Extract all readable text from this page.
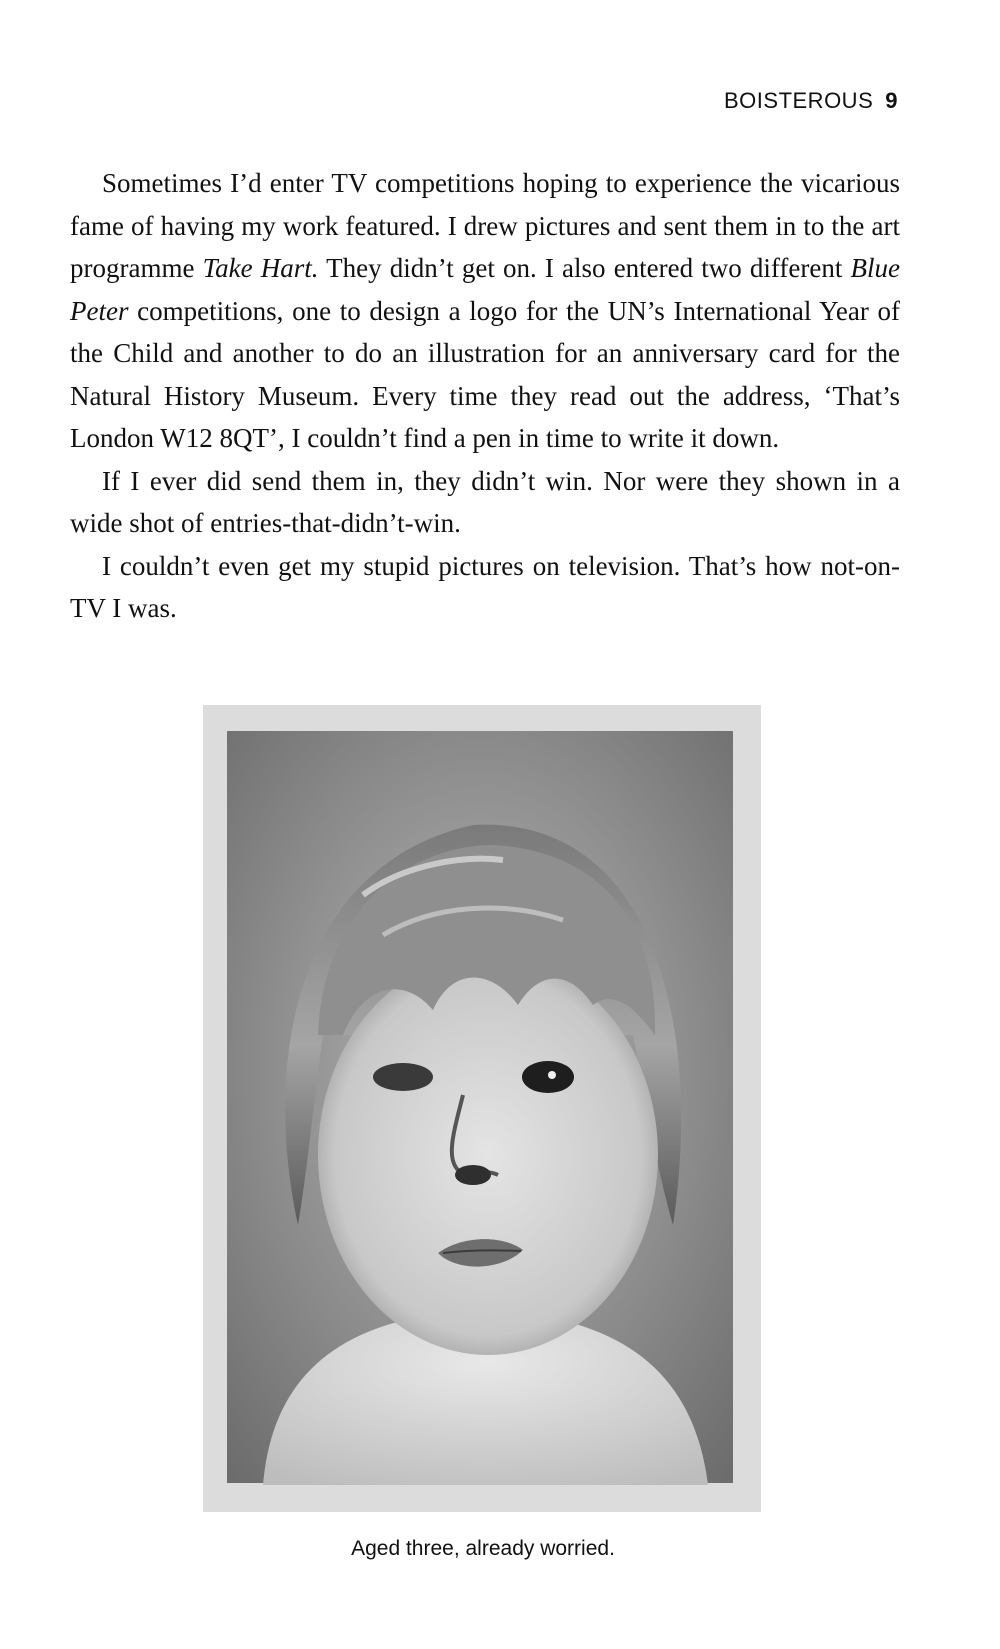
BOISTEROUS 9

Sometimes I’d enter TV competitions hoping to experience the vicarious fame of having my work featured. I drew pictures and sent them in to the art programme Take Hart. They didn’t get on. I also entered two different Blue Peter competitions, one to design a logo for the UN’s International Year of the Child and another to do an illustration for an anniversary card for the Natural History Museum. Every time they read out the address, ‘That’s London W12 8QT’, I couldn’t find a pen in time to write it down.

If I ever did send them in, they didn’t win. Nor were they shown in a wide shot of entries-that-didn’t-win.

I couldn’t even get my stupid pictures on television. That’s how not-on-TV I was.

Aged three, already worried.
